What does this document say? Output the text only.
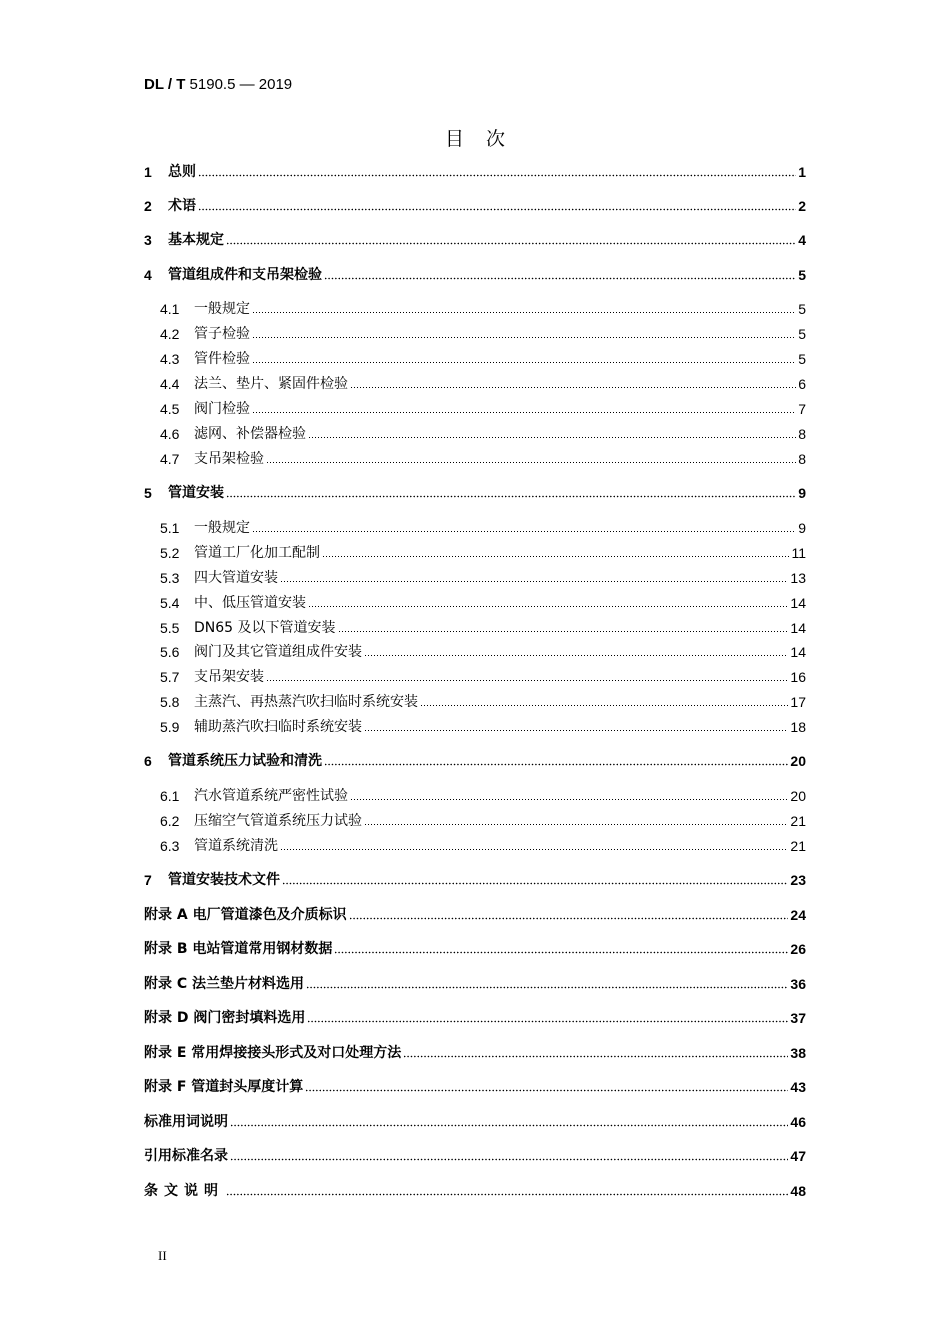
DL / T 5190.5 — 2019
目次
1	总则	1
2	术语	2
3	基本规定	4
4	管道组成件和支吊架检验	5
4.1	一般规定	5
4.2	管子检验	5
4.3	管件检验	5
4.4	法兰、垫片、紧固件检验	6
4.5	阀门检验	7
4.6	滤网、补偿器检验	8
4.7	支吊架检验	8
5	管道安装	9
5.1	一般规定	9
5.2	管道工厂化加工配制	11
5.3	四大管道安装	13
5.4	中、低压管道安装	14
5.5	DN65 及以下管道安装	14
5.6	阀门及其它管道组成件安装	14
5.7	支吊架安装	16
5.8	主蒸汽、再热蒸汽吹扫临时系统安装	17
5.9	辅助蒸汽吹扫临时系统安装	18
6	管道系统压力试验和清洗	20
6.1	汽水管道系统严密性试验	20
6.2	压缩空气管道系统压力试验	21
6.3	管道系统清洗	21
7	管道安装技术文件	23
附录 A 电厂管道漆色及介质标识	24
附录 B 电站管道常用钢材数据	26
附录 C 法兰垫片材料选用	36
附录 D 阀门密封填料选用	37
附录 E 常用焊接接头形式及对口处理方法	38
附录 F 管道封头厚度计算	43
标准用词说明	46
引用标准名录	47
条文说明	48
II
